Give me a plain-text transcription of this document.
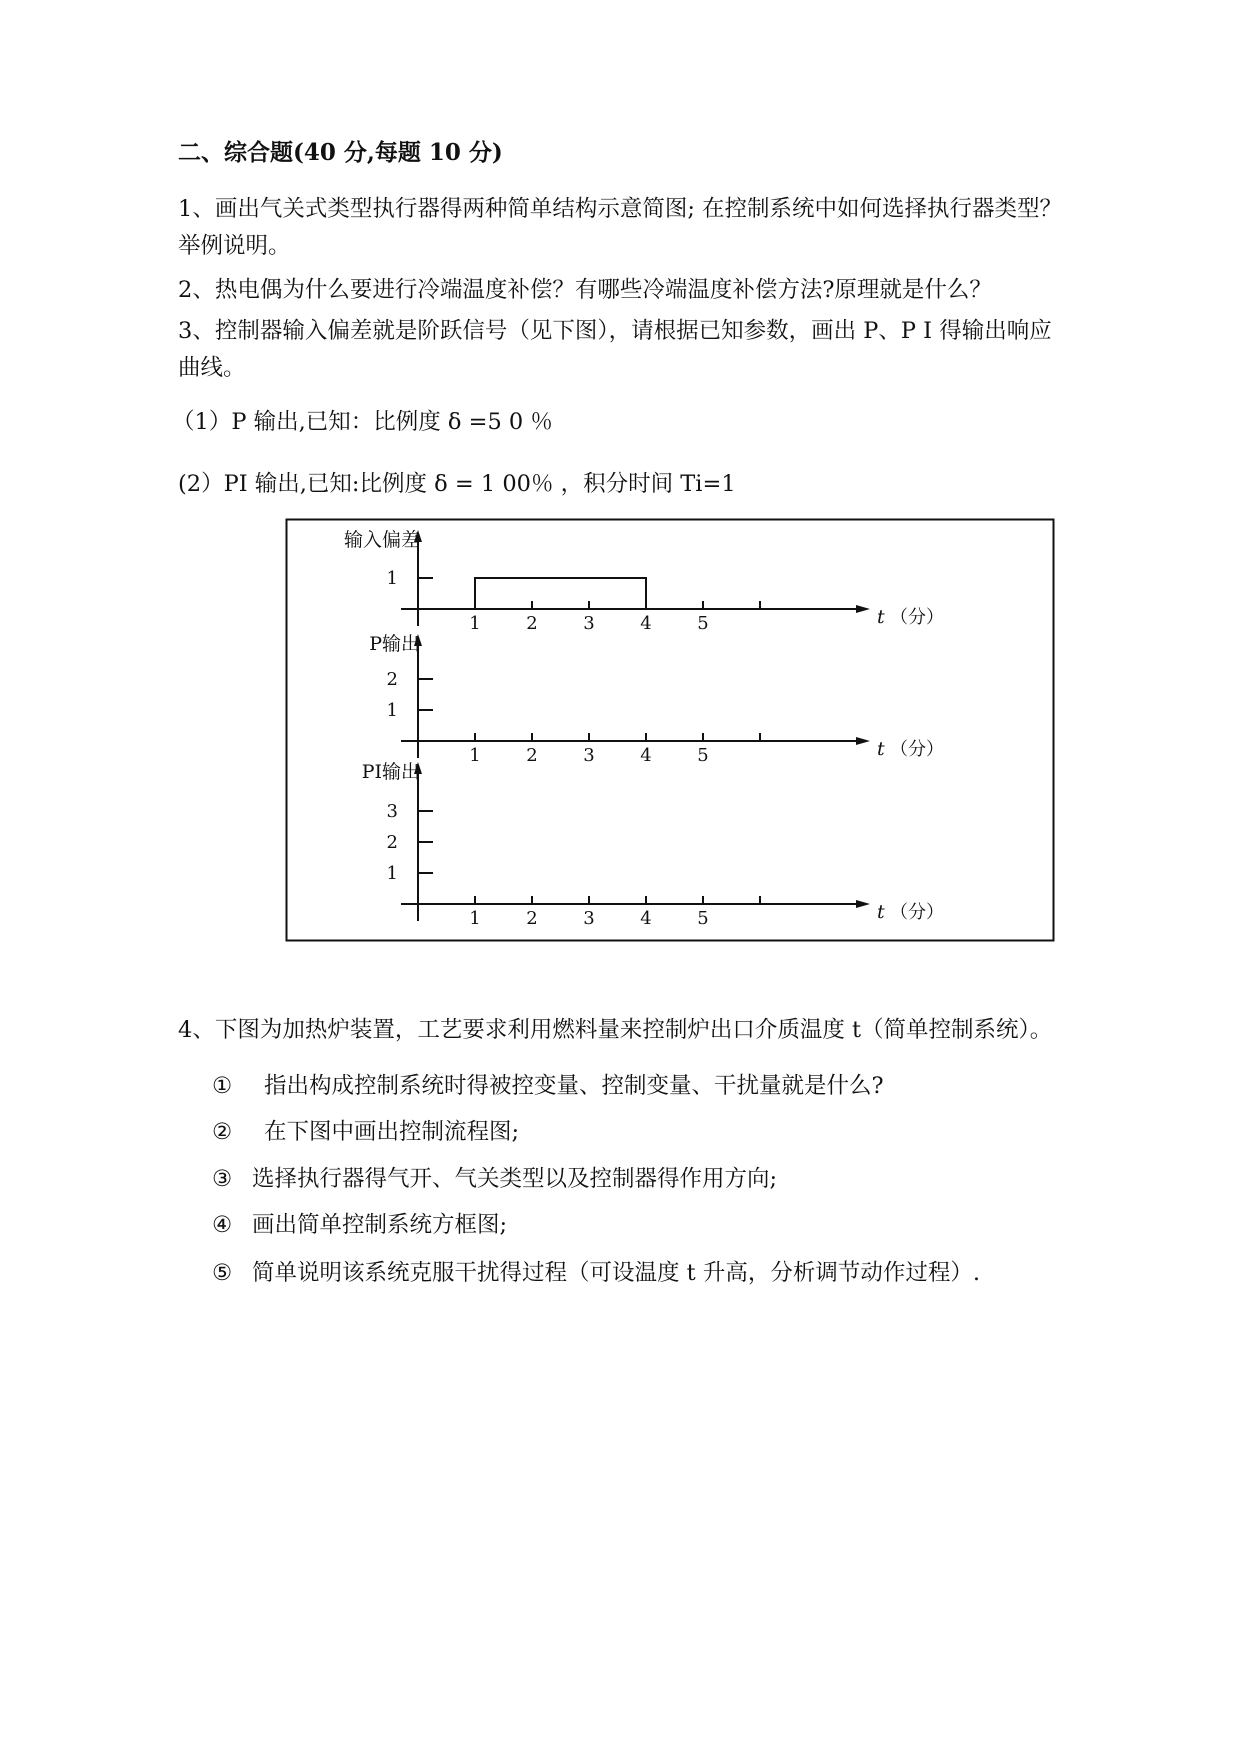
二、综合题(40 分,每题 10 分)
1、画出气关式类型执行器得两种简单结构示意简图; 在控制系统中如何选择执行器类型？
举例说明。
2、热电偶为什么要进行冷端温度补偿？有哪些冷端温度补偿方法?原理就是什么？
3、控制器输入偏差就是阶跃信号（见下图），请根据已知参数，画出 P、P I 得输出响应
曲线。
（1）P 输出,已知：比例度 δ =5 0 ％
(2）PI 输出,已知:比例度 δ = 1 00％ ，积分时间 Ti=1
1	2	3	4	5	t （分）
1
输入偏差
1	2	3	4	5	t （分）
1
2
P输出
1	2	3	4	5	t （分）
1
2
3
PI输出
4、下图为加热炉装置，工艺要求利用燃料量来控制炉出口介质温度 t（简单控制系统）。
① 指出构成控制系统时得被控变量、控制变量、干扰量就是什么?
② 在下图中画出控制流程图;
③ 选择执行器得气开、气关类型以及控制器得作用方向;
④ 画出简单控制系统方框图;
⑤ 简单说明该系统克服干扰得过程（可设温度 t 升高，分析调节动作过程）.
